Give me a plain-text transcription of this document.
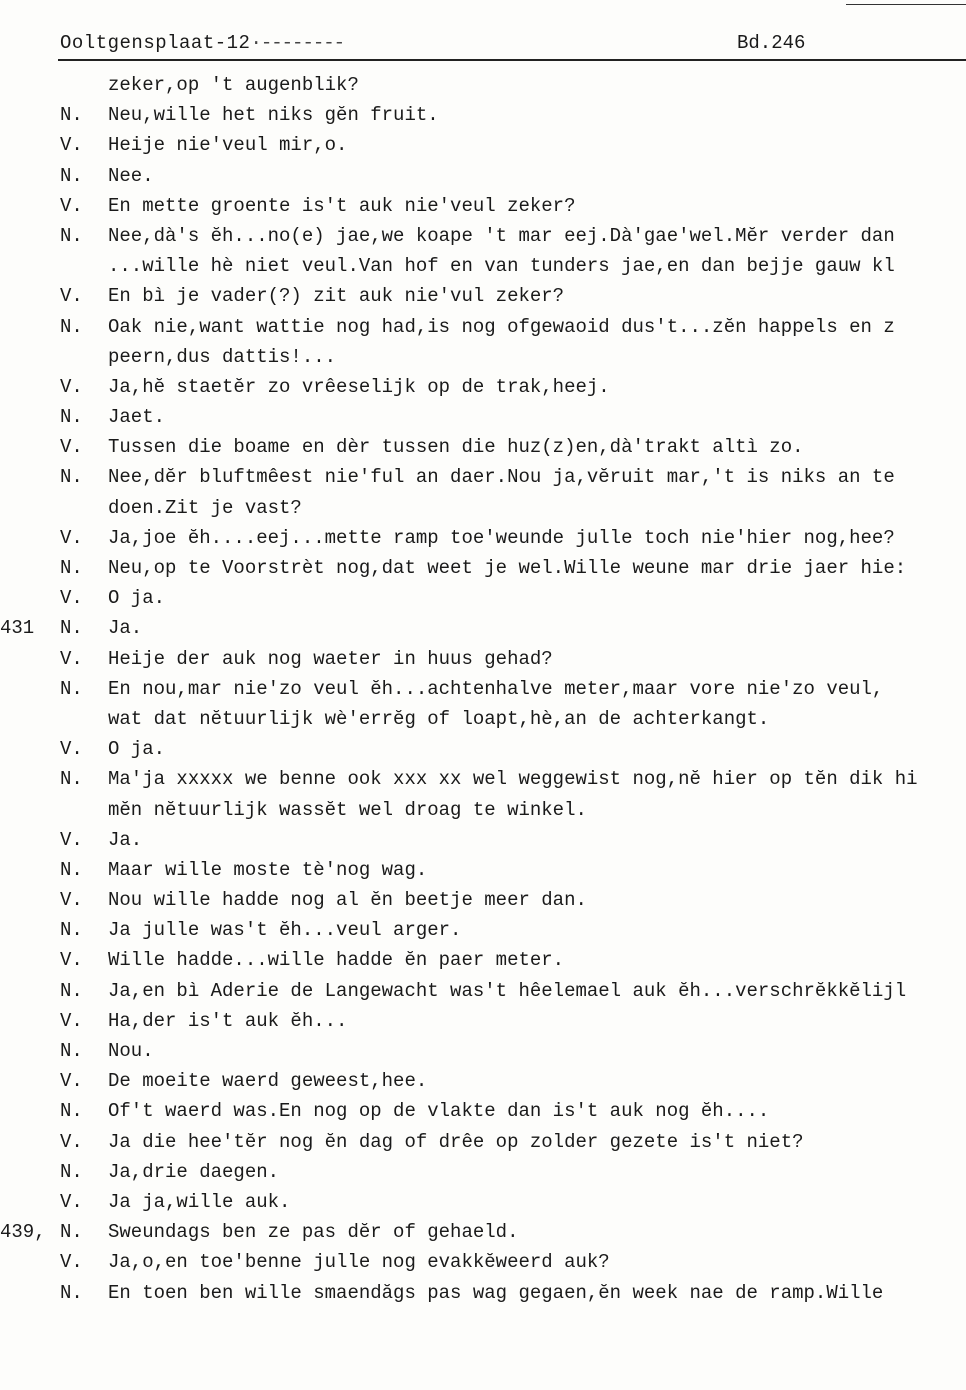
Ooltgensplaat-12·--------	Bd.246
zeker,op 't augenblik?
N. Neu,wille het niks gĕn fruit.
V. Heije nie'veul mir,o.
N. Nee.
V. En mette groente is't auk nie'veul zeker?
N. Nee,dà's ĕh...no(e) jae,we koape 't mar eej.Dà'gae'wel.Mĕr verder dan
...wille hè niet veul.Van hof en van tunders jae,en dan bejje gauw kl
V. En bì je vader(?) zit auk nie'vul zeker?
N. Oak nie,want wattie nog had,is nog ofgewaoid dus't...zĕn happels en z
peern,dus dattis!...
V. Ja,hĕ staetĕr zo vrêeselijk op de trak,heej.
N. Jaet.
V. Tussen die boame en dèr tussen die huz(z)en,dà'trakt altì zo.
N. Nee,dĕr bluftmêest nie'ful an daer.Nou ja,vĕruit mar,'t is niks an te
doen.Zit je vast?
V. Ja,joe ĕh....eej...mette ramp toe'weunde julle toch nie'hier nog,hee?
N. Neu,op te Voorstrèt nog,dat weet je wel.Wille weune mar drie jaer hie:
V. O ja.
431 N. Ja.
V. Heije der auk nog waeter in huus gehad?
N. En nou,mar nie'zo veul ĕh...achtenhalve meter,maar vore nie'zo veul,
wat dat nĕtuurlijk wè'errĕg of loapt,hè,an de achterkangt.
V. O ja.
N. Ma'ja xxxxx we benne ook xxx xx wel weggewist nog,nĕ hier op tĕn dik hi
mĕn nĕtuurlijk wassĕt wel droag te winkel.
V. Ja.
N. Maar wille moste tè'nog wag.
V. Nou wille hadde nog al ĕn beetje meer dan.
N. Ja julle was't ĕh...veul arger.
V. Wille hadde...wille hadde ĕn paer meter.
N. Ja,en bì Aderie de Langewacht was't hêelemael auk ĕh...verschrĕkkĕlijl
V. Ha,der is't auk ĕh...
N. Nou.
V. De moeite waerd geweest,hee.
N. Of't waerd was.En nog op de vlakte dan is't auk nog ĕh....
V. Ja die hee'tĕr nog ĕn dag of drêe op zolder gezete is't niet?
N. Ja,drie daegen.
V. Ja ja,wille auk.
439, N. Sweundags ben ze pas dĕr of gehaeld.
V. Ja,o,en toe'benne julle nog evakkĕweerd auk?
N. En toen ben wille smaendăgs pas wag gegaen,ĕn week nae de ramp.Wille
